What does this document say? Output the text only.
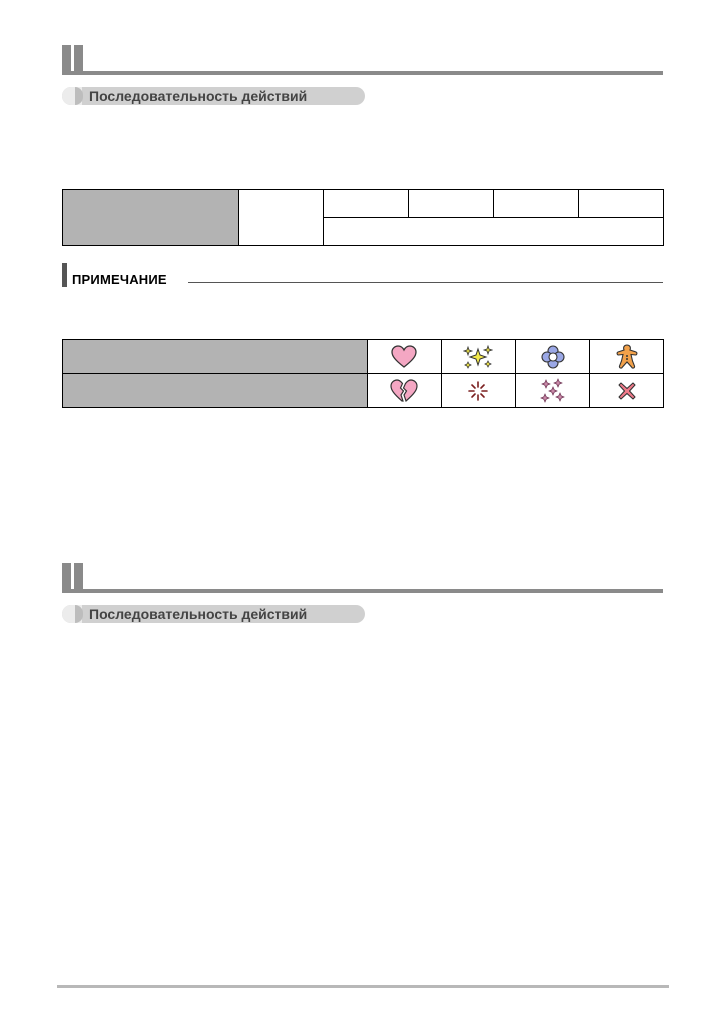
Последовательность действий

ПРИМЕЧАНИЕ

Последовательность действий
